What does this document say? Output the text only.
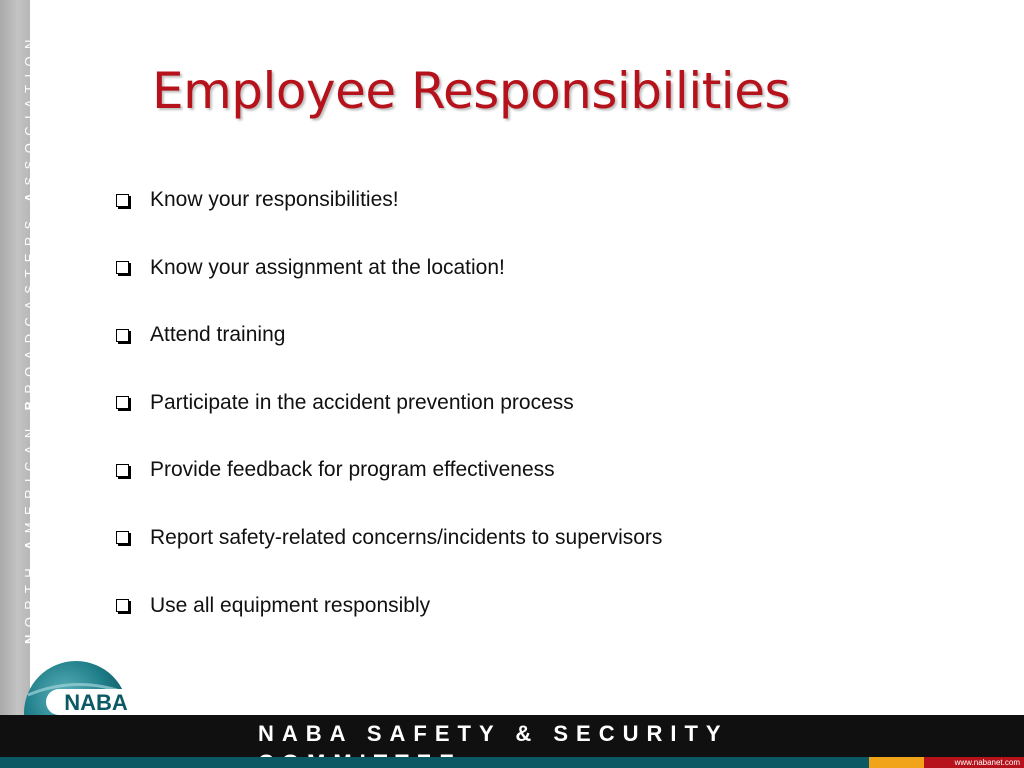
NORTH AMERICAN BROADCASTERS ASSOCIATION Employee Responsibilities
Know your responsibilities!
Know your assignment at the location!
Attend training
Participate in the accident prevention process
Provide feedback for program effectiveness
Report safety-related concerns/incidents to supervisors
Use all equipment responsibly
NABA
NABA SAFETY & SECURITY
www.nabanet.com
